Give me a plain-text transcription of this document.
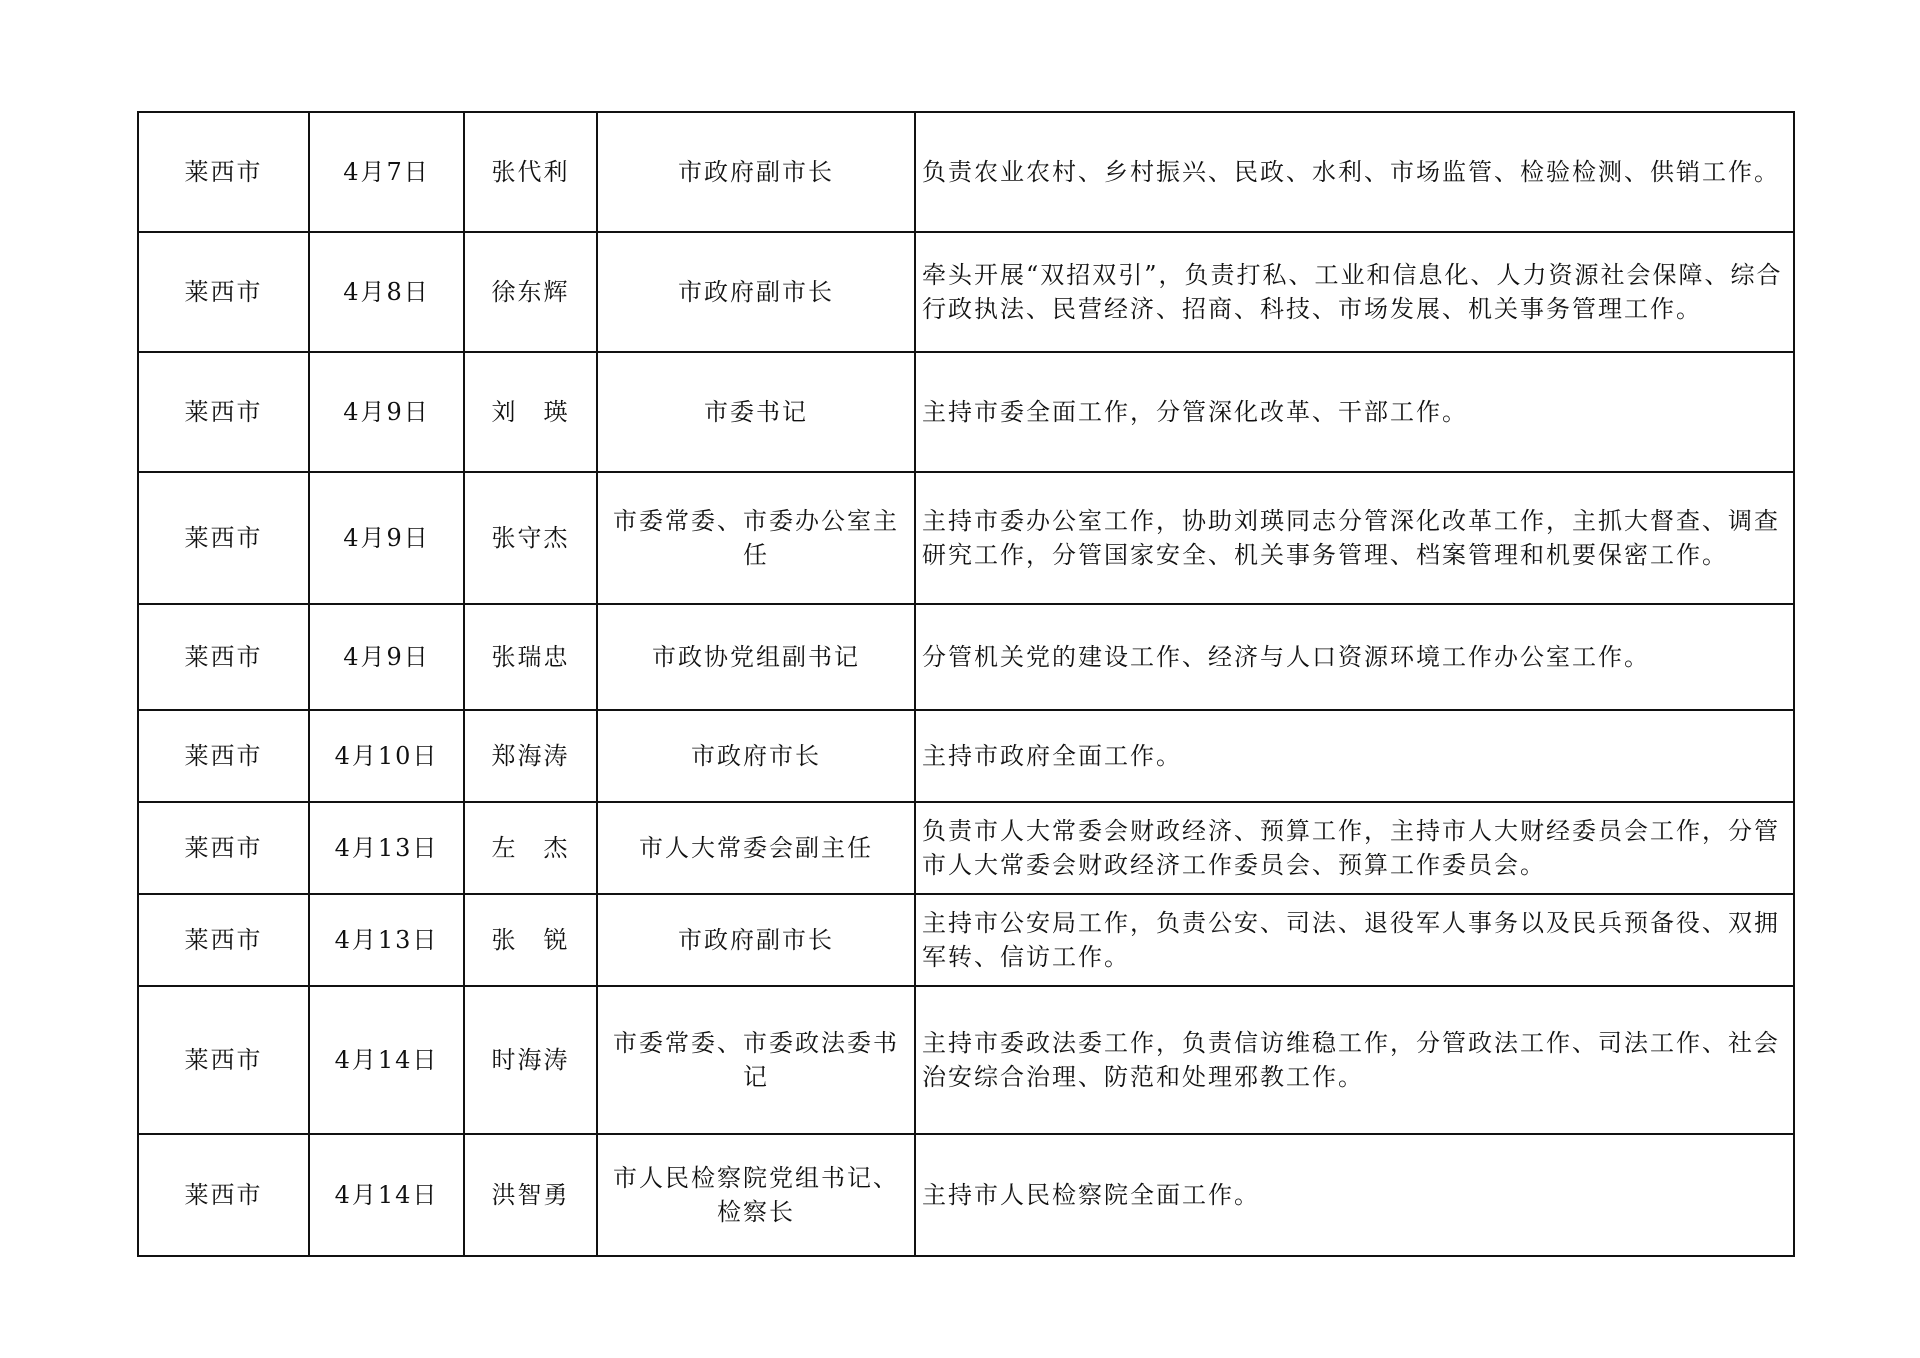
莱西市	4月7日	张代利	市政府副市长	负责农业农村、乡村振兴、民政、水利、市场监管、检验检测、供销工作。
莱西市	4月8日	徐东辉	市政府副市长	牵头开展“双招双引”，负责打私、工业和信息化、人力资源社会保障、综合行政执法、民营经济、招商、科技、市场发展、机关事务管理工作。
莱西市	4月9日	刘　瑛	市委书记	主持市委全面工作，分管深化改革、干部工作。
莱西市	4月9日	张守杰	市委常委、市委办公室主任	主持市委办公室工作，协助刘瑛同志分管深化改革工作，主抓大督查、调查研究工作，分管国家安全、机关事务管理、档案管理和机要保密工作。
莱西市	4月9日	张瑞忠	市政协党组副书记	分管机关党的建设工作、经济与人口资源环境工作办公室工作。
莱西市	4月10日	郑海涛	市政府市长	主持市政府全面工作。
莱西市	4月13日	左　杰	市人大常委会副主任	负责市人大常委会财政经济、预算工作，主持市人大财经委员会工作，分管市人大常委会财政经济工作委员会、预算工作委员会。
莱西市	4月13日	张　锐	市政府副市长	主持市公安局工作，负责公安、司法、退役军人事务以及民兵预备役、双拥军转、信访工作。
莱西市	4月14日	时海涛	市委常委、市委政法委书记	主持市委政法委工作，负责信访维稳工作，分管政法工作、司法工作、社会治安综合治理、防范和处理邪教工作。
莱西市	4月14日	洪智勇	市人民检察院党组书记、检察长	主持市人民检察院全面工作。
